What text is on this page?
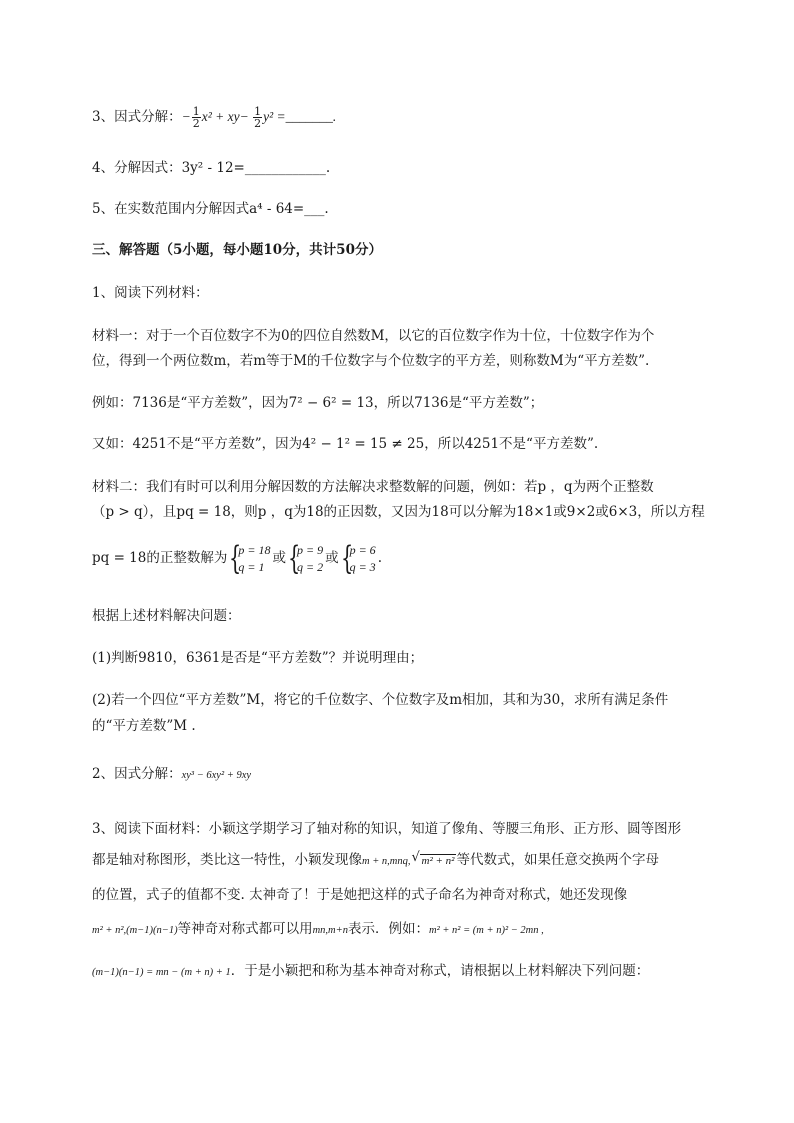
3、因式分解：− $\frac{1}{2} x^2 + xy- \frac{1}{2} y^2$ =_______.
4、分解因式：3y² - 12=____________.
5、在实数范围内分解因式a⁴ - 64=___.
三、解答题（5小题，每小题10分，共计50分）
1、阅读下列材料：
材料一：对于一个百位数字不为0的四位自然数M，以它的百位数字作为十位，十位数字作为个
位，得到一个两位数m，若m等于M的千位数字与个位数字的平方差，则称数M为“平方差数”.
例如：7136是“平方差数”，因为7² − 6² = 13，所以7136是“平方差数”；
又如：4251不是“平方差数”，因为4² − 1² = 15 ≠ 25，所以4251不是“平方差数”.
材料二：我们有时可以利用分解因数的方法解决求整数解的问题，例如：若p ，q为两个正整数
（p > q），且pq = 18，则p ，q为18的正因数，又因为18可以分解为18×1或9×2或6×3，所以方程
pq = 18的正整数解为 {
p = 18
q = 1
或 {
p = 9
q = 2
或 {
p = 6
q = 3
.
根据上述材料解决问题：
(1)判断9810，6361是否是“平方差数”？并说明理由；
(2)若一个四位“平方差数”M，将它的千位数字、个位数字及m相加，其和为30，求所有满足条件
的“平方差数”M .
2、因式分解：xy³ − 6xy² + 9xy
3、阅读下面材料：小颖这学期学习了轴对称的知识，知道了像角、等腰三角形、正方形、圆等图形
都是轴对称图形，类比这一特性，小颖发现像m + n,mnq, √ m² + n² 等代数式，如果任意交换两个字母
的位置，式子的值都不变. 太神奇了！于是她把这样的式子命名为神奇对称式，她还发现像
m² + n²,(m−1)(n−1)等神奇对称式都可以用mn,m+n表示．例如：m² + n² = (m + n)² − 2mn ,
(m−1)(n−1) = mn − (m + n) + 1．于是小颖把和称为基本神奇对称式，请根据以上材料解决下列问题：
